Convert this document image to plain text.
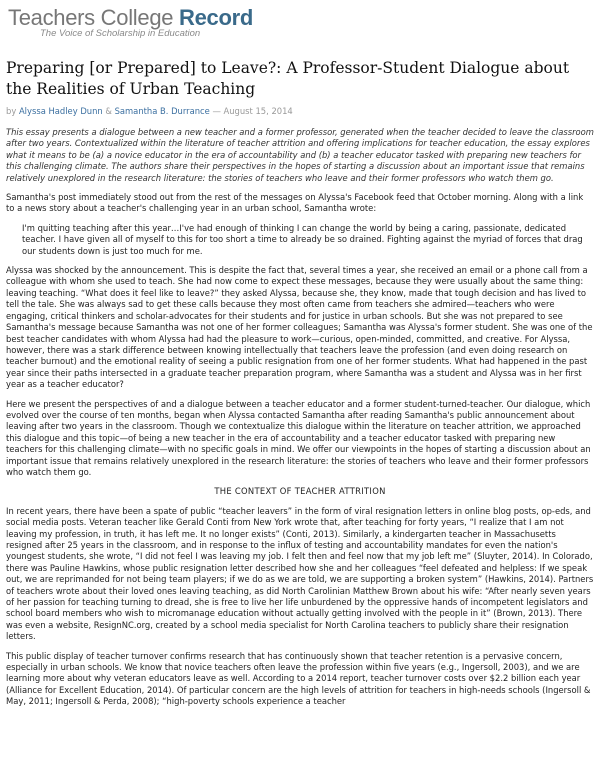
Teachers College Record
The Voice of Scholarship in Education
Preparing [or Prepared] to Leave?: A Professor-Student Dialogue about the Realities of Urban Teaching
by Alyssa Hadley Dunn & Samantha B. Durrance — August 15, 2014

This essay presents a dialogue between a new teacher and a former professor, generated when the teacher decided to leave the classroom after two years. Contextualized within the literature of teacher attrition and offering implications for teacher education, the essay explores what it means to be (a) a novice educator in the era of accountability and (b) a teacher educator tasked with preparing new teachers for this challenging climate. The authors share their perspectives in the hopes of starting a discussion about an important issue that remains relatively unexplored in the research literature: the stories of teachers who leave and their former professors who watch them go.

Samantha's post immediately stood out from the rest of the messages on Alyssa's Facebook feed that October morning. Along with a link to a news story about a teacher's challenging year in an urban school, Samantha wrote:

I'm quitting teaching after this year…I've had enough of thinking I can change the world by being a caring, passionate, dedicated teacher. I have given all of myself to this for too short a time to already be so drained. Fighting against the myriad of forces that drag our students down is just too much for me.

Alyssa was shocked by the announcement. This is despite the fact that, several times a year, she received an email or a phone call from a colleague with whom she used to teach. She had now come to expect these messages, because they were usually about the same thing: leaving teaching. “What does it feel like to leave?” they asked Alyssa, because she, they know, made that tough decision and has lived to tell the tale. She was always sad to get these calls because they most often came from teachers she admired—teachers who were engaging, critical thinkers and scholar-advocates for their students and for justice in urban schools. But she was not prepared to see Samantha's message because Samantha was not one of her former colleagues; Samantha was Alyssa's former student. She was one of the best teacher candidates with whom Alyssa had had the pleasure to work—curious, open-minded, committed, and creative. For Alyssa, however, there was a stark difference between knowing intellectually that teachers leave the profession (and even doing research on teacher burnout) and the emotional reality of seeing a public resignation from one of her former students. What had happened in the past year since their paths intersected in a graduate teacher preparation program, where Samantha was a student and Alyssa was in her first year as a teacher educator?

Here we present the perspectives of and a dialogue between a teacher educator and a former student-turned-teacher. Our dialogue, which evolved over the course of ten months, began when Alyssa contacted Samantha after reading Samantha's public announcement about leaving after two years in the classroom. Though we contextualize this dialogue within the literature on teacher attrition, we approached this dialogue and this topic—of being a new teacher in the era of accountability and a teacher educator tasked with preparing new teachers for this challenging climate—with no specific goals in mind. We offer our viewpoints in the hopes of starting a discussion about an important issue that remains relatively unexplored in the research literature: the stories of teachers who leave and their former professors who watch them go.

THE CONTEXT OF TEACHER ATTRITION

In recent years, there have been a spate of public “teacher leavers” in the form of viral resignation letters in online blog posts, op-eds, and social media posts. Veteran teacher like Gerald Conti from New York wrote that, after teaching for forty years, “I realize that I am not leaving my profession, in truth, it has left me. It no longer exists” (Conti, 2013). Similarly, a kindergarten teacher in Massachusetts resigned after 25 years in the classroom, and in response to the influx of testing and accountability mandates for even the nation's youngest students, she wrote, “I did not feel I was leaving my job. I felt then and feel now that my job left me” (Sluyter, 2014). In Colorado, there was Pauline Hawkins, whose public resignation letter described how she and her colleagues “feel defeated and helpless: If we speak out, we are reprimanded for not being team players; if we do as we are told, we are supporting a broken system” (Hawkins, 2014). Partners of teachers wrote about their loved ones leaving teaching, as did North Carolinian Matthew Brown about his wife: “After nearly seven years of her passion for teaching turning to dread, she is free to live her life unburdened by the oppressive hands of incompetent legislators and school board members who wish to micromanage education without actually getting involved with the people in it” (Brown, 2013). There was even a website, ResignNC.org, created by a school media specialist for North Carolina teachers to publicly share their resignation letters.

This public display of teacher turnover confirms research that has continuously shown that teacher retention is a pervasive concern, especially in urban schools. We know that novice teachers often leave the profession within five years (e.g., Ingersoll, 2003), and we are learning more about why veteran educators leave as well. According to a 2014 report, teacher turnover costs over $2.2 billion each year (Alliance for Excellent Education, 2014). Of particular concern are the high levels of attrition for teachers in high-needs schools (Ingersoll & May, 2011; Ingersoll & Perda, 2008); “high-poverty schools experience a teacher
